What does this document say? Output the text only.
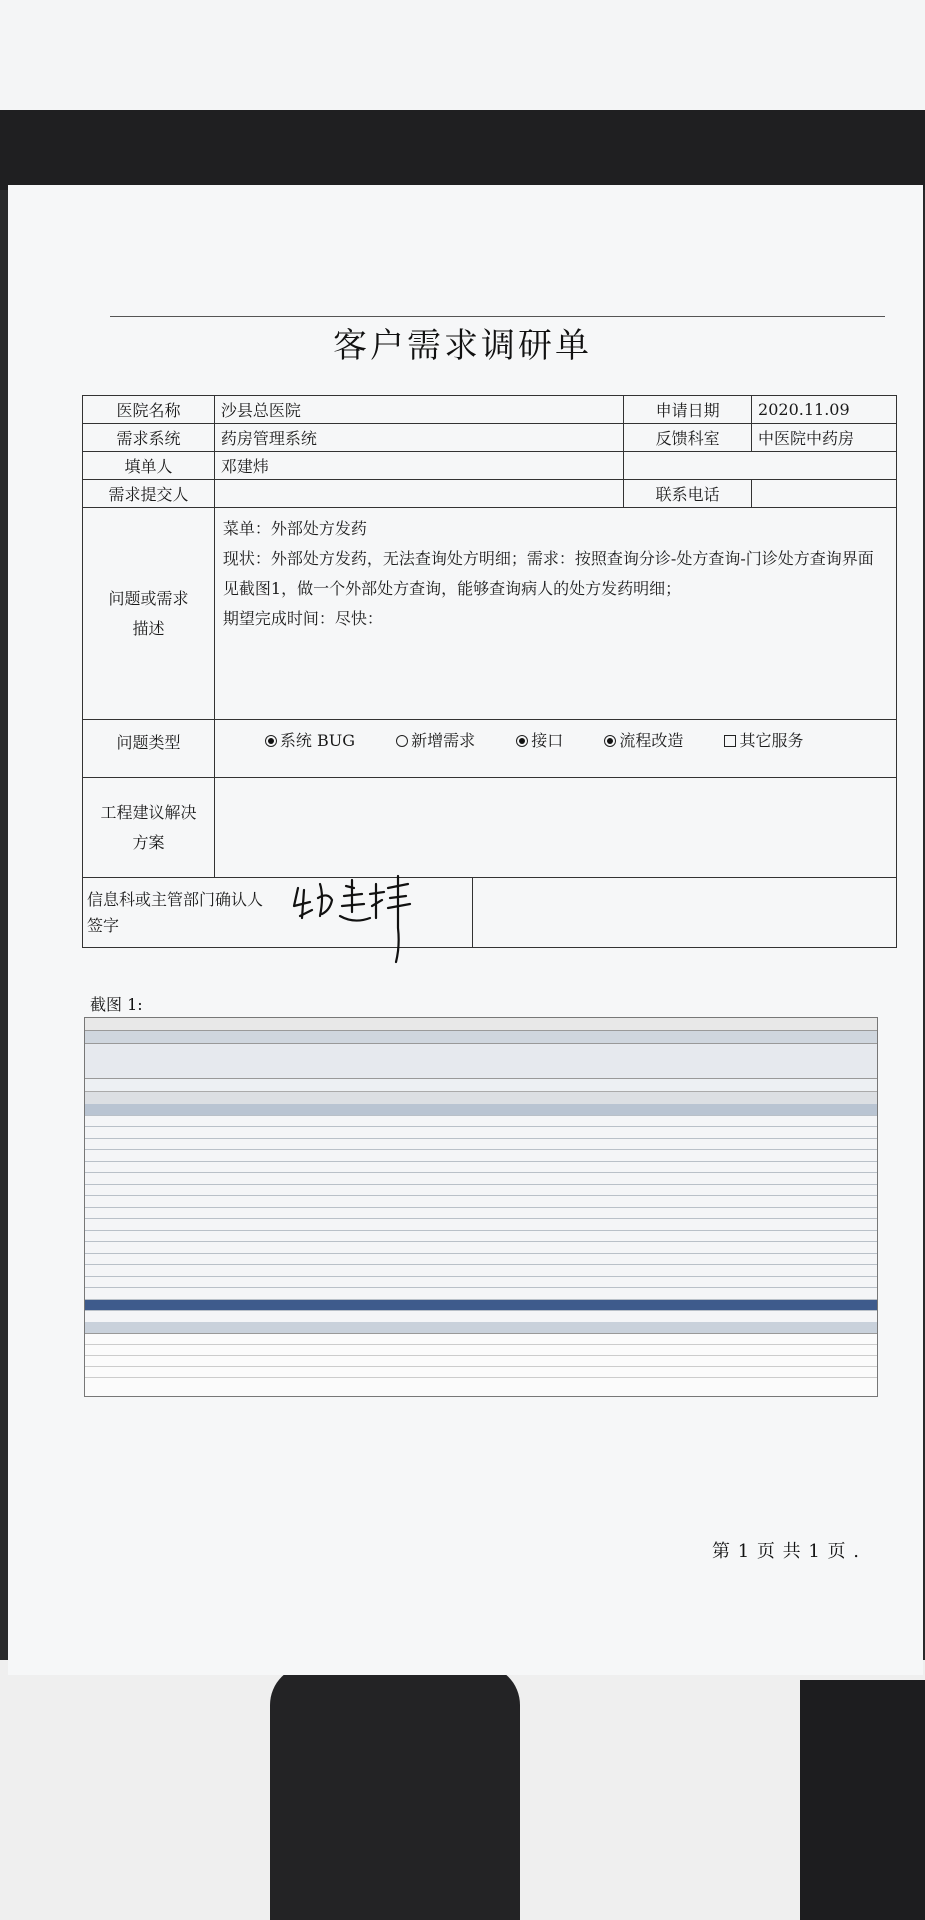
客户需求调研单
医院名称	沙县总医院		申请日期	2020.11.09
需求系统	药房管理系统		反馈科室	中医院中药房
填单人	邓建炜			
需求提交人			联系电话	
问题或需求描述	菜单：外部处方发药
现状：外部处方发药，无法查询处方明细；需求：按照查询分诊-处方查询-门诊处方查询界面见截图1，做一个外部处方查询，能够查询病人的处方发药明细；
期望完成时间：尽快：			

问题类型	系统 BUG 新增需求 接口 流程改造 其它服务			
工程建议解决方案				
信息科或主管部门确认人签字				
截图 1:
第 1 页 共 1 页 .
